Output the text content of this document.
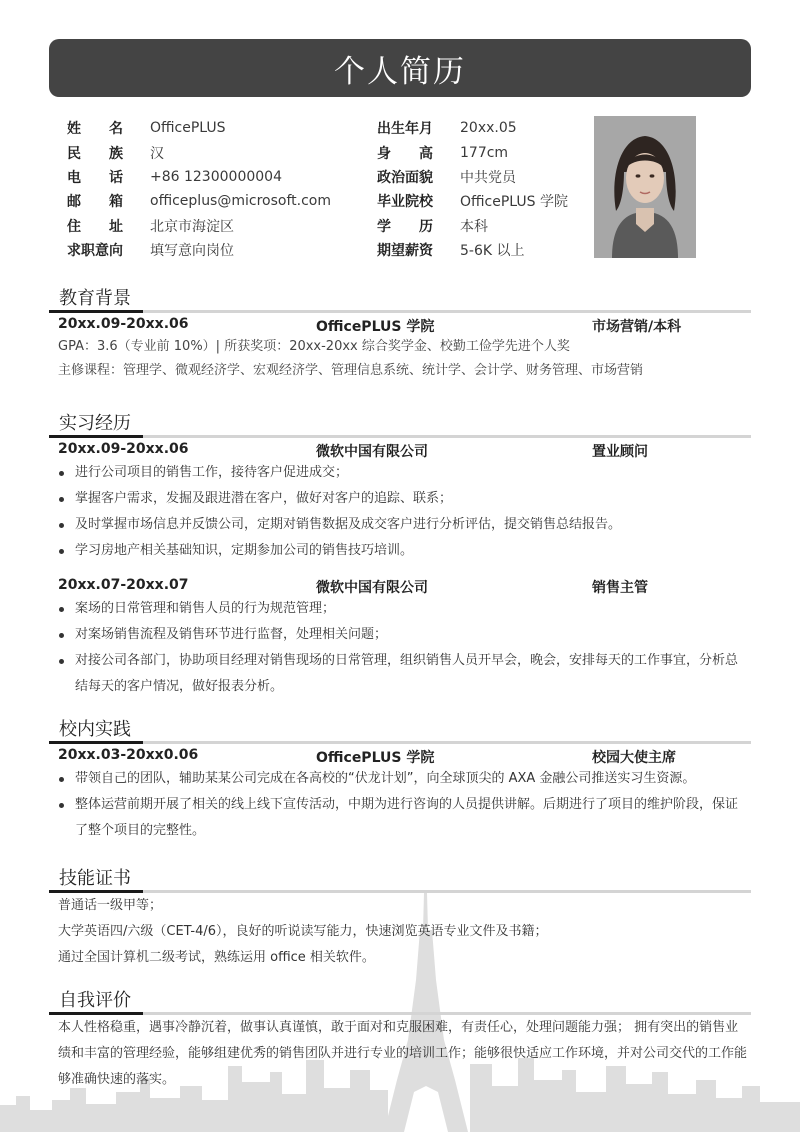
个人简历
姓 名 OfficePLUS
民 族 汉
电 话 +86 12300000004
邮 箱 officeplus@microsoft.com
住 址 北京市海淀区
求 职 意 向 填写意向岗位
出 生 年 月 20xx.05
身 高 177cm
政 治 面 貌 中共党员
毕 业 院 校 OfficePLUS 学院
学 历 本科
期 望 薪 资 5-6K 以上
教育背景
20xx.09-20xx.06	OfficePLUS 学院	市场营销/本科
GPA：3.6（专业前 10%）| 所获奖项：20xx-20xx 综合奖学金、校勤工俭学先进个人奖
主修课程：管理学、微观经济学、宏观经济学、管理信息系统、统计学、会计学、财务管理、市场营销
实习经历
20xx.09-20xx.06	微软中国有限公司	置业顾问
进行公司项目的销售工作，接待客户促进成交；
掌握客户需求，发掘及跟进潜在客户，做好对客户的追踪、联系；
及时掌握市场信息并反馈公司，定期对销售数据及成交客户进行分析评估，提交销售总结报告。
学习房地产相关基础知识，定期参加公司的销售技巧培训。
20xx.07-20xx.07	微软中国有限公司	销售主管
案场的日常管理和销售人员的行为规范管理；
对案场销售流程及销售环节进行监督，处理相关问题；
对接公司各部门，协助项目经理对销售现场的日常管理，组织销售人员开早会，晚会，安排每天的工作事宜，分析总结每天的客户情况，做好报表分析。
校内实践
20xx.03-20xx0.06	OfficePLUS 学院	校园大使主席
带领自己的团队，辅助某某公司完成在各高校的“伏龙计划”，向全球顶尖的 AXA 金融公司推送实习生资源。
整体运营前期开展了相关的线上线下宣传活动，中期为进行咨询的人员提供讲解。后期进行了项目的维护阶段，保证了整个项目的完整性。
技能证书
普通话一级甲等；
大学英语四/六级（CET-4/6），良好的听说读写能力，快速浏览英语专业文件及书籍；
通过全国计算机二级考试，熟练运用 office 相关软件。
自我评价
本人性格稳重，遇事冷静沉着，做事认真谨慎，敢于面对和克服困难，有责任心，处理问题能力强； 拥有突出的销售业绩和丰富的管理经验，能够组建优秀的销售团队并进行专业的培训工作；能够很快适应工作环境，并对公司交代的工作能够准确快速的落实。
